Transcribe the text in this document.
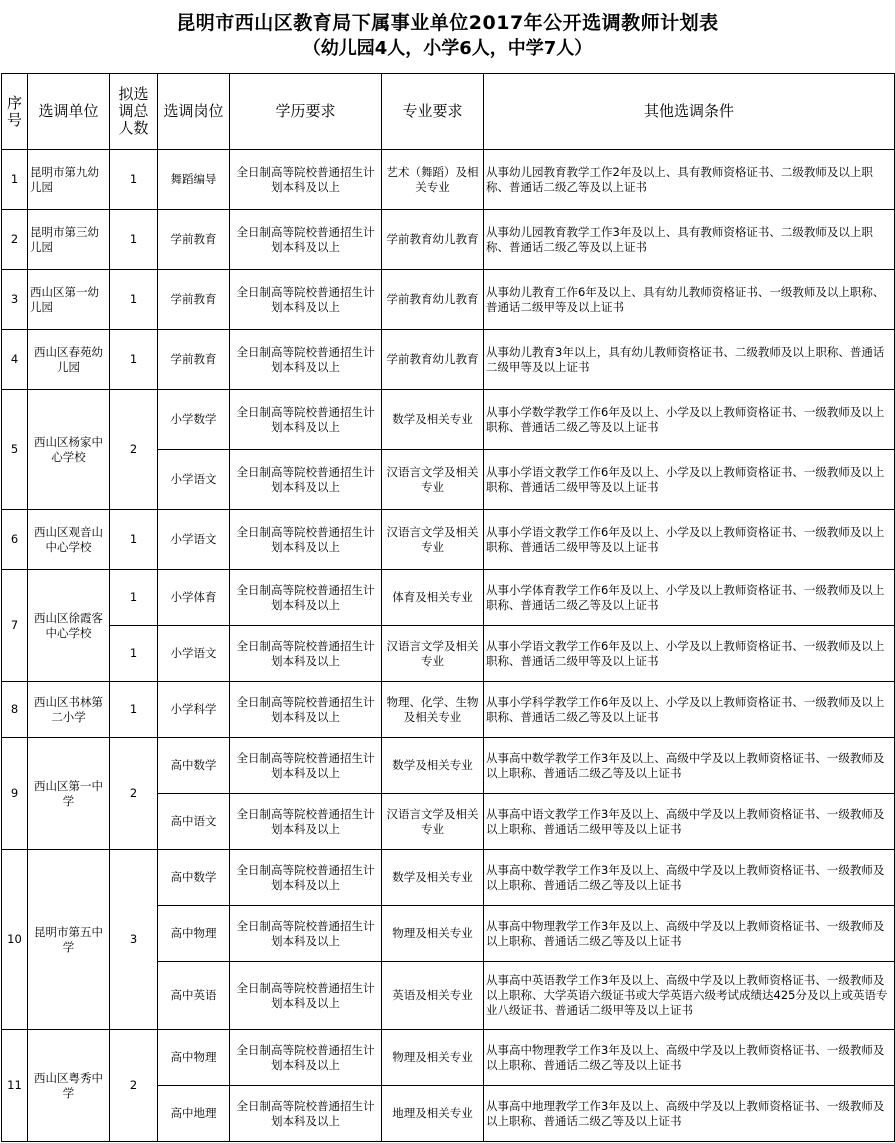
昆明市西山区教育局下属事业单位2017年公开选调教师计划表
（幼儿园4人，小学6人，中学7人）
序号	选调单位	拟选调总人数	选调岗位	学历要求	专业要求	其他选调条件
1	昆明市第九幼儿园	1	舞蹈编导	全日制高等院校普通招生计划本科及以上	艺术（舞蹈）及相关专业	从事幼儿园教育教学工作2年及以上、具有教师资格证书、二级教师及以上职称、普通话二级乙等及以上证书
2	昆明市第三幼儿园	1	学前教育	全日制高等院校普通招生计划本科及以上	学前教育幼儿教育	从事幼儿园教育教学工作3年及以上、具有教师资格证书、二级教师及以上职称、普通话二级乙等及以上证书
3	西山区第一幼儿园	1	学前教育	全日制高等院校普通招生计划本科及以上	学前教育幼儿教育	从事幼儿教育工作6年及以上、具有幼儿教师资格证书、一级教师及以上职称、普通话二级甲等及以上证书
4	西山区春苑幼儿园	1	学前教育	全日制高等院校普通招生计划本科及以上	学前教育幼儿教育	从事幼儿教育3年以上，具有幼儿教师资格证书、二级教师及以上职称、普通话二级甲等及以上证书
5	西山区杨家中心学校	2	小学数学	全日制高等院校普通招生计划本科及以上	数学及相关专业	从事小学数学教学工作6年及以上、小学及以上教师资格证书、一级教师及以上职称、普通话二级乙等及以上证书
			小学语文	全日制高等院校普通招生计划本科及以上	汉语言文学及相关专业	从事小学语文教学工作6年及以上、小学及以上教师资格证书、一级教师及以上职称、普通话二级甲等及以上证书
6	西山区观音山中心学校	1	小学语文	全日制高等院校普通招生计划本科及以上	汉语言文学及相关专业	从事小学语文教学工作6年及以上、小学及以上教师资格证书、一级教师及以上职称、普通话二级甲等及以上证书
7	西山区徐霞客中心学校	1	小学体育	全日制高等院校普通招生计划本科及以上	体育及相关专业	从事小学体育教学工作6年及以上、小学及以上教师资格证书、一级教师及以上职称、普通话二级乙等及以上证书
		1	小学语文	全日制高等院校普通招生计划本科及以上	汉语言文学及相关专业	从事小学语文教学工作6年及以上、小学及以上教师资格证书、一级教师及以上职称、普通话二级甲等及以上证书
8	西山区书林第二小学	1	小学科学	全日制高等院校普通招生计划本科及以上	物理、化学、生物及相关专业	从事小学科学教学工作6年及以上、小学及以上教师资格证书、一级教师及以上职称、普通话二级乙等及以上证书
9	西山区第一中学	2	高中数学	全日制高等院校普通招生计划本科及以上	数学及相关专业	从事高中数学教学工作3年及以上、高级中学及以上教师资格证书、一级教师及以上职称、普通话二级乙等及以上证书
			高中语文	全日制高等院校普通招生计划本科及以上	汉语言文学及相关专业	从事高中语文教学工作3年及以上、高级中学及以上教师资格证书、一级教师及以上职称、普通话二级甲等及以上证书
10	昆明市第五中学	3	高中数学	全日制高等院校普通招生计划本科及以上	数学及相关专业	从事高中数学教学工作3年及以上、高级中学及以上教师资格证书、一级教师及以上职称、普通话二级乙等及以上证书
			高中物理	全日制高等院校普通招生计划本科及以上	物理及相关专业	从事高中物理教学工作3年及以上、高级中学及以上教师资格证书、一级教师及以上职称、普通话二级乙等及以上证书
			高中英语	全日制高等院校普通招生计划本科及以上	英语及相关专业	从事高中英语教学工作3年及以上、高级中学及以上教师资格证书、一级教师及以上职称、大学英语六级证书或大学英语六级考试成绩达425分及以上或英语专业八级证书、普通话二级甲等及以上证书
11	西山区粤秀中学	2	高中物理	全日制高等院校普通招生计划本科及以上	物理及相关专业	从事高中物理教学工作3年及以上、高级中学及以上教师资格证书、一级教师及以上职称、普通话二级乙等及以上证书
			高中地理	全日制高等院校普通招生计划本科及以上	地理及相关专业	从事高中地理教学工作3年及以上、高级中学及以上教师资格证书、一级教师及以上职称、普通话二级乙等及以上证书
